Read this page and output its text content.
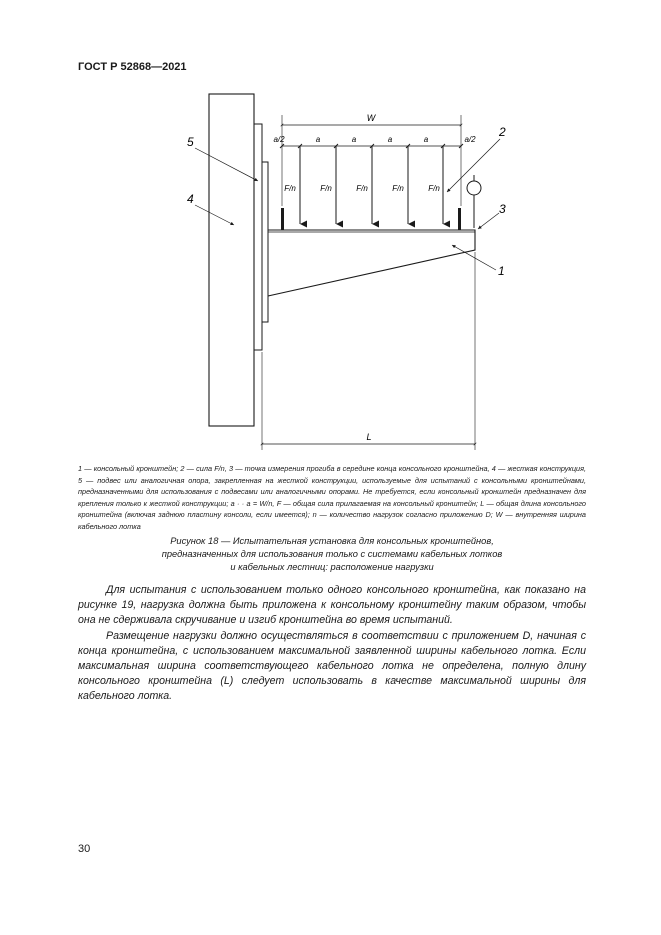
ГОСТ Р 52868—2021
W
a/2	a	a	a	a	a/2
F/n	F/n	F/n	F/n	F/n
5
4
2
3
1
L

1 — консольный кронштейн; 2 — сила F/n, 3 — точка измерения прогиба в середине конца консольного кронштейна, 4 — жесткая конструкция, 5 — подвес или аналогичная опора, закрепленная на жесткой конструкции, используемые для испытаний с консольными кронштейнами, предназначенными для использования с подвесами или аналогичными опорами. Не требуется, если консольный кронштейн предназначен для крепления только к жесткой конструкции; a · · a = W/n, F — общая сила прилагаемая на консольный кронштейн; L — общая длина консольного кронштейна (включая заднюю пластину консоли, если имеется); n — количество нагрузок согласно приложению D; W — внутренняя ширина кабельного лотка

Рисунок 18 — Испытательная установка для консольных кронштейнов,

предназначенных для использования только с системами кабельных лотков

и кабельных лестниц: расположение нагрузки

Для испытания с использованием только одного консольного кронштейна, как показано на рисунке 19, нагрузка должна быть приложена к консольному кронштейну таким образом, чтобы она не сдерживала скручивание и изгиб кронштейна во время испытаний.

Размещение нагрузки должно осуществляться в соответствии с приложением D, начиная с конца кронштейна, с использованием максимальной заявленной ширины кабельного лотка. Если максимальная ширина соответствующего кабельного лотка не определена, полную длину консольного кронштейна (L) следует использовать в качестве максимальной ширины для кабельного лотка.

30
